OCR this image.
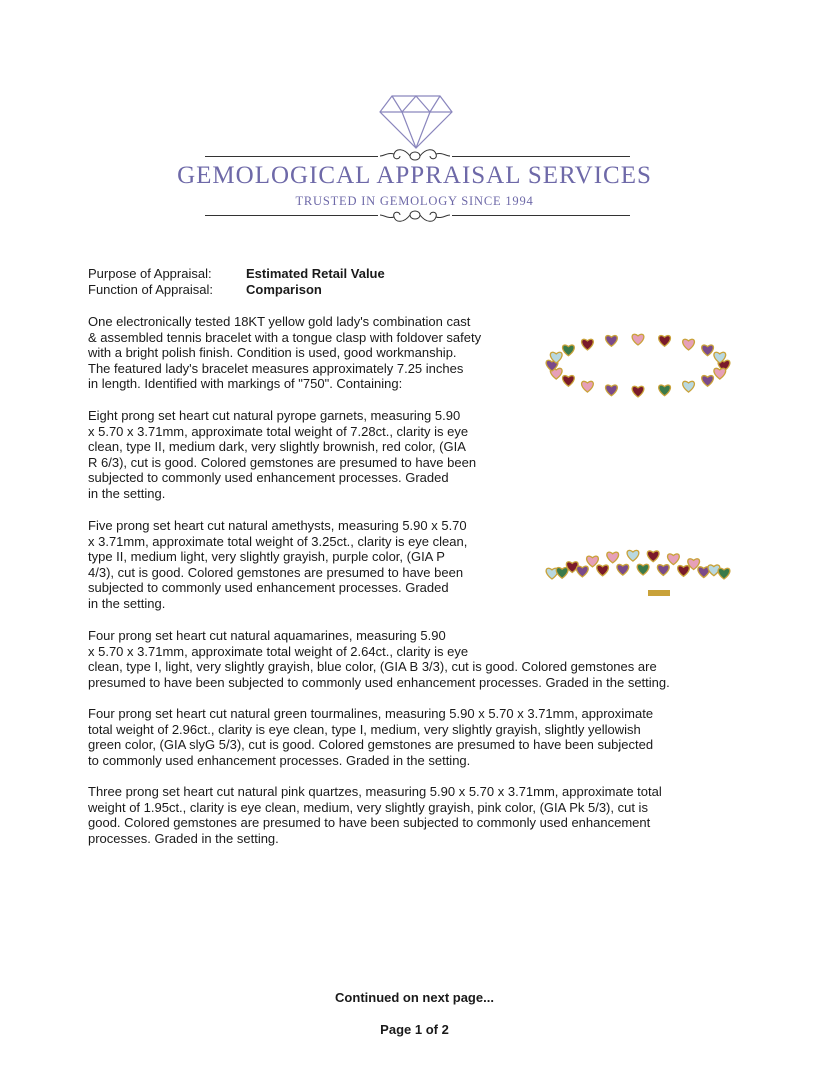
GEMOLOGICAL APPRAISAL SERVICES
TRUSTED IN GEMOLOGY SINCE 1994
Purpose of Appraisal:	Estimated Retail Value
Function of Appraisal:	Comparison

One electronically tested 18KT yellow gold lady's combination cast
& assembled tennis bracelet with a tongue clasp with foldover safety
with a bright polish finish. Condition is used, good workmanship.
The featured lady's bracelet measures approximately 7.25 inches
in length. Identified with markings of "750". Containing:

Eight prong set heart cut natural pyrope garnets, measuring 5.90
x 5.70 x 3.71mm, approximate total weight of 7.28ct., clarity is eye
clean, type II, medium dark, very slightly brownish, red color, (GIA
R 6/3), cut is good. Colored gemstones are presumed to have been
subjected to commonly used enhancement processes. Graded
in the setting.

Five prong set heart cut natural amethysts, measuring 5.90 x 5.70
x 3.71mm, approximate total weight of 3.25ct., clarity is eye clean,
type II, medium light, very slightly grayish, purple color, (GIA P
4/3), cut is good. Colored gemstones are presumed to have been
subjected to commonly used enhancement processes. Graded
in the setting.

Four prong set heart cut natural aquamarines, measuring 5.90
x 5.70 x 3.71mm, approximate total weight of 2.64ct., clarity is eye
clean, type I, light, very slightly grayish, blue color, (GIA B 3/3), cut is good. Colored gemstones are
presumed to have been subjected to commonly used enhancement processes. Graded in the setting.

Four prong set heart cut natural green tourmalines, measuring 5.90 x 5.70 x 3.71mm, approximate
total weight of 2.96ct., clarity is eye clean, type I, medium, very slightly grayish, slightly yellowish
green color, (GIA slyG 5/3), cut is good. Colored gemstones are presumed to have been subjected
to commonly used enhancement processes. Graded in the setting.

Three prong set heart cut natural pink quartzes, measuring 5.90 x 5.70 x 3.71mm, approximate total
weight of 1.95ct., clarity is eye clean, medium, very slightly grayish, pink color, (GIA Pk 5/3), cut is
good. Colored gemstones are presumed to have been subjected to commonly used enhancement
processes. Graded in the setting.

Continued on next page...
Page 1 of 2
